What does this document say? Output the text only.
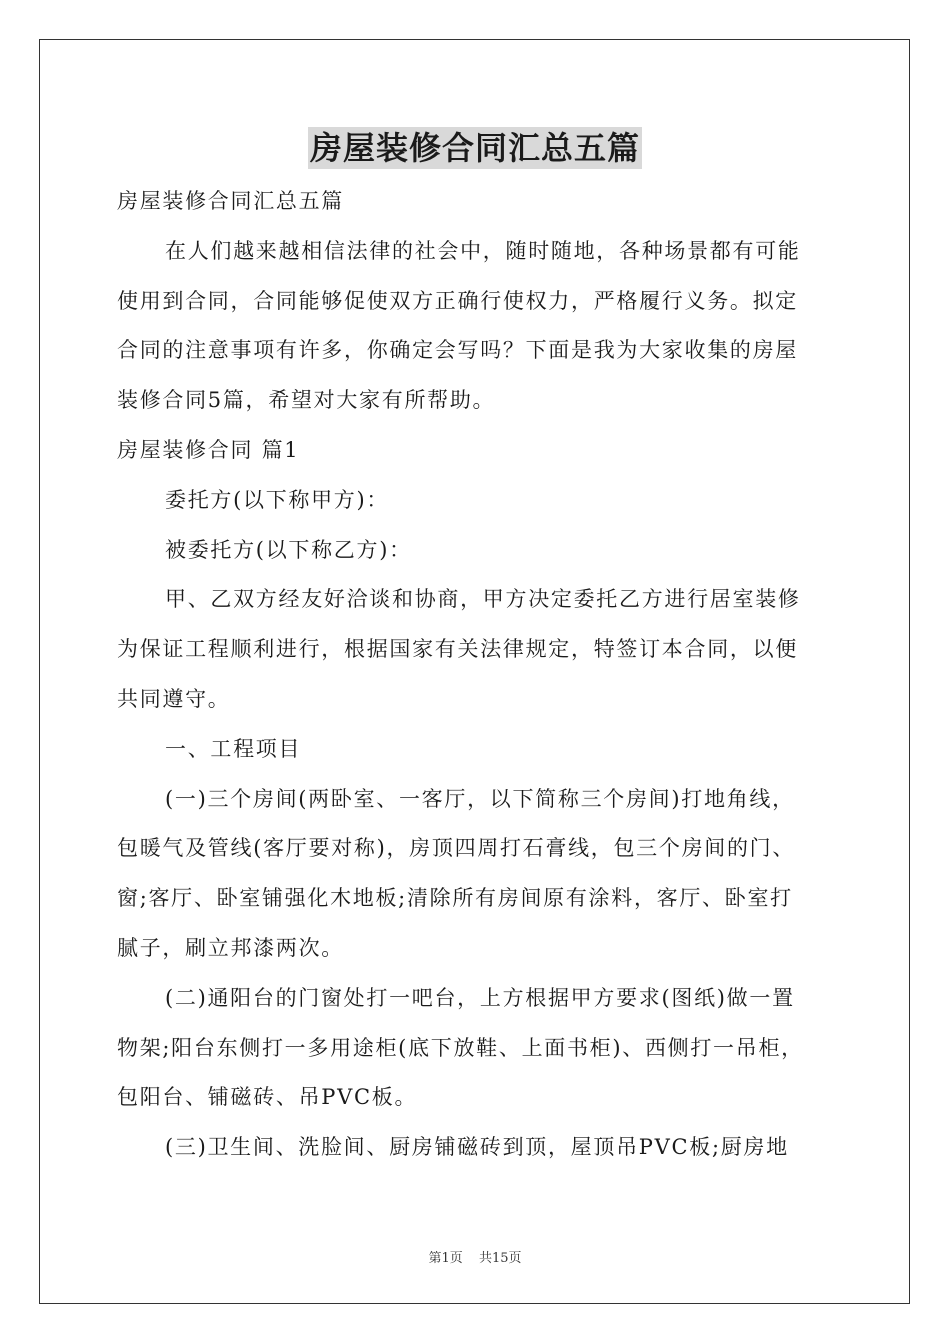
房屋装修合同汇总五篇
房屋装修合同汇总五篇
在人们越来越相信法律的社会中，随时随地，各种场景都有可能
使用到合同，合同能够促使双方正确行使权力，严格履行义务。拟定
合同的注意事项有许多，你确定会写吗？下面是我为大家收集的房屋
装修合同5篇，希望对大家有所帮助。
房屋装修合同 篇1
委托方(以下称甲方)：
被委托方(以下称乙方)：
甲、乙双方经友好洽谈和协商，甲方决定委托乙方进行居室装修
为保证工程顺利进行，根据国家有关法律规定，特签订本合同，以便
共同遵守。
一、工程项目
(一)三个房间(两卧室、一客厅，以下简称三个房间)打地角线，
包暖气及管线(客厅要对称)，房顶四周打石膏线，包三个房间的门、
窗;客厅、卧室铺强化木地板;清除所有房间原有涂料，客厅、卧室打
腻子，刷立邦漆两次。
(二)通阳台的门窗处打一吧台，上方根据甲方要求(图纸)做一置
物架;阳台东侧打一多用途柜(底下放鞋、上面书柜)、西侧打一吊柜，
包阳台、铺磁砖、吊PVC板。
(三)卫生间、洗脸间、厨房铺磁砖到顶，屋顶吊PVC板;厨房地
第1页 共15页
